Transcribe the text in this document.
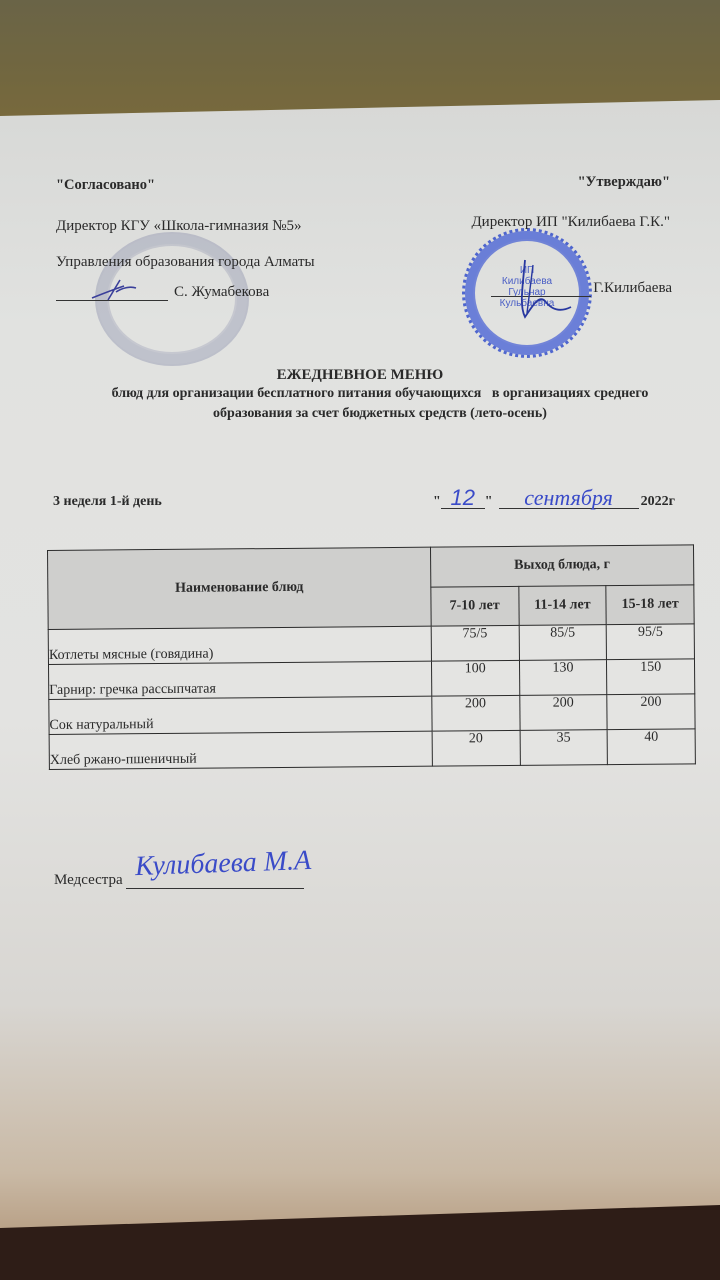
"Согласовано"
Директор КГУ «Школа-гимназия №5»
Управления образования города Алматы
С. Жумабекова
ИП
Килибаева
Гульнар
Кульбаевна
"Утверждаю"
Директор ИП "Килибаева Г.К."
Г.Килибаева
ЕЖЕДНЕВНОЕ МЕНЮ
блюд для организации бесплатного питания обучающихся   в организациях среднего
образования за счет бюджетных средств (лето-осень)
3 неделя 1-й день	" 12 " сентября 2022г
Наименование блюд	Выход блюда, г		
	7-10 лет	11-14 лет	15-18 лет
Котлеты мясные (говядина)	75/5	85/5	95/5
Гарнир: гречка рассыпчатая	100	130	150
Сок натуральный	200	200	200
Хлеб ржано-пшеничный	20	35	40
Медсестра Кулибаева М.А
